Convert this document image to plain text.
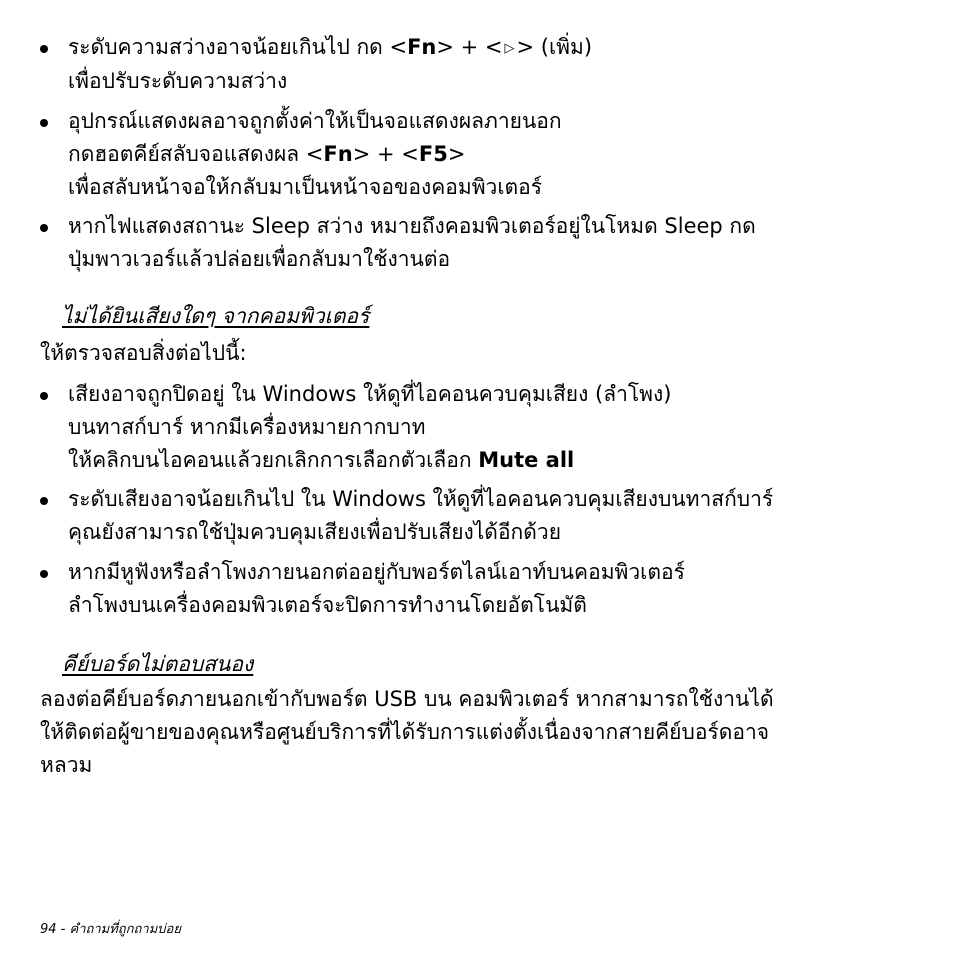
ระดับความสว่างอาจน้อยเกินไป กด <Fn> + < ▷> (เพิ่ม)
เพื่อปรับระดับความสว่าง
อุปกรณ์แสดงผลอาจถูกตั้งค่าให้เป็นจอแสดงผลภายนอก
กดฮอตคีย์สลับจอแสดงผล <Fn> + <F5>
เพื่อสลับหน้าจอให้กลับมาเป็นหน้าจอของคอมพิวเตอร์
หากไฟแสดงสถานะ Sleep สว่าง หมายถึงคอมพิวเตอร์อยู่ในโหมด Sleep กด
ปุ่มพาวเวอร์แล้วปล่อยเพื่อกลับมาใช้งานต่อ
ไม่ได้ยินเสียงใดๆ จากคอมพิวเตอร์
ให้ตรวจสอบสิ่งต่อไปนี้:
เสียงอาจถูกปิดอยู่ ใน Windows ให้ดูที่ไอคอนควบคุมเสียง (ลำโพง)
บนทาสก์บาร์ หากมีเครื่องหมายกากบาท
ให้คลิกบนไอคอนแล้วยกเลิกการเลือกตัวเลือก Mute all
ระดับเสียงอาจน้อยเกินไป ใน Windows ให้ดูที่ไอคอนควบคุมเสียงบนทาสก์บาร์
คุณยังสามารถใช้ปุ่มควบคุมเสียงเพื่อปรับเสียงได้อีกด้วย
หากมีหูฟังหรือลำโพงภายนอกต่ออยู่กับพอร์ตไลน์เอาท์บนคอมพิวเตอร์
ลำโพงบนเครื่องคอมพิวเตอร์จะปิดการทำงานโดยอัตโนมัติ
คีย์บอร์ดไม่ตอบสนอง
ลองต่อคีย์บอร์ดภายนอกเข้ากับพอร์ต USB บน คอมพิวเตอร์ หากสามารถใช้งานได้
ให้ติดต่อผู้ขายของคุณหรือศูนย์บริการที่ได้รับการแต่งตั้งเนื่องจากสายคีย์บอร์ดอาจ
หลวม
94 - คำถามที่ถูกถามบ่อย
